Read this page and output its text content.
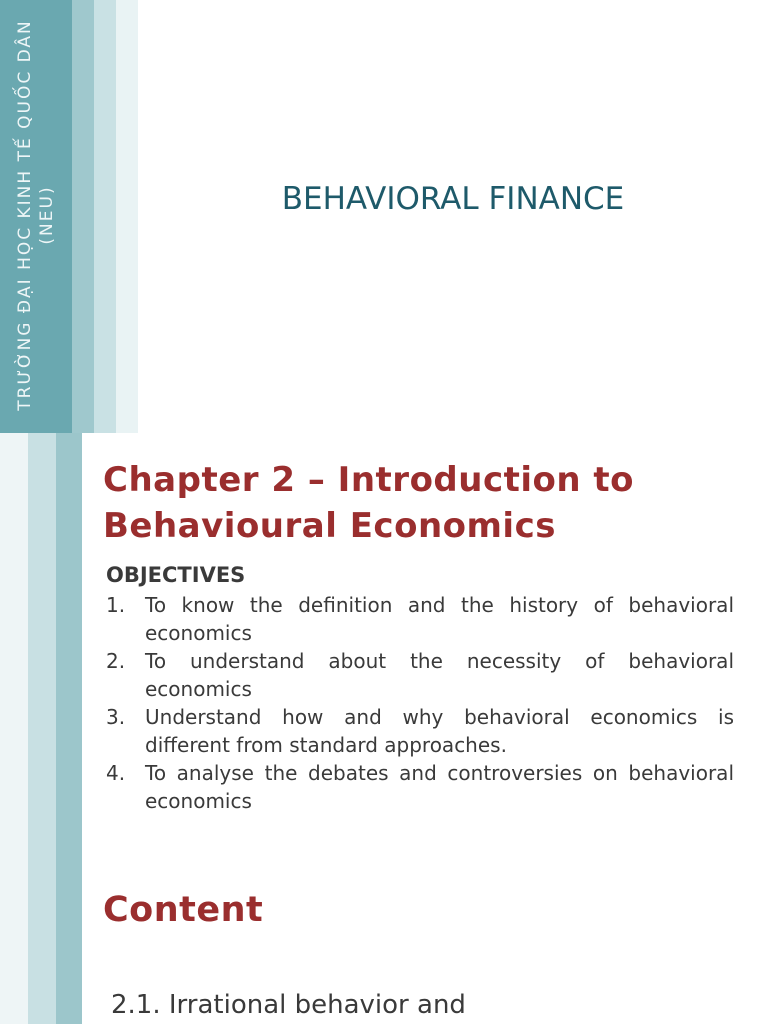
TRƯỜNG ĐẠI HỌC KINH TẾ QUỐC DÂN (NEU)	BEHAVIORAL FINANCE
Chapter 2 – Introduction to Behavioural Economics
OBJECTIVES
1. To know the definition and the history of behavioral economics
2. To understand about the necessity of behavioral economics
3. Understand how and why behavioral economics is different from standard approaches.
4. To analyse the debates and controversies on behavioral economics
Content
2.1. Irrational behavior and
